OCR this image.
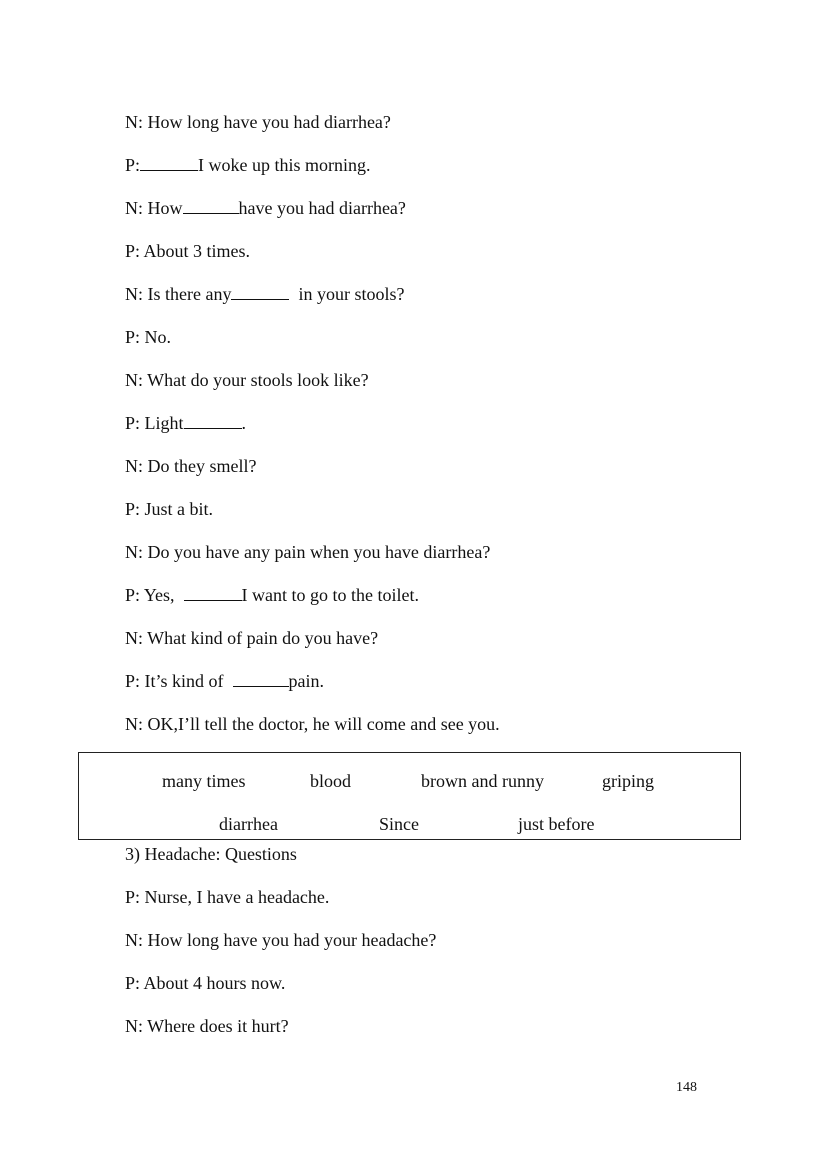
N: How long have you had diarrhea?
P:	I woke up this morning.
N: How	have you had diarrhea?
P: About 3 times.
N: Is there any	in your stools?
P: No.
N: What do your stools look like?
P: Light	.
N: Do they smell?
P: Just a bit.
N: Do you have any pain when you have diarrhea?
P: Yes,	I want to go to the toilet.
N: What kind of pain do you have?
P: It’s kind of	pain.
N: OK,I’ll tell the doctor, he will come and see you.
many times	blood	brown and runny	griping
diarrhea	Since	just before
3) Headache: Questions
P: Nurse, I have a headache.
N: How long have you had your headache?
P: About 4 hours now.
N: Where does it hurt?
148
